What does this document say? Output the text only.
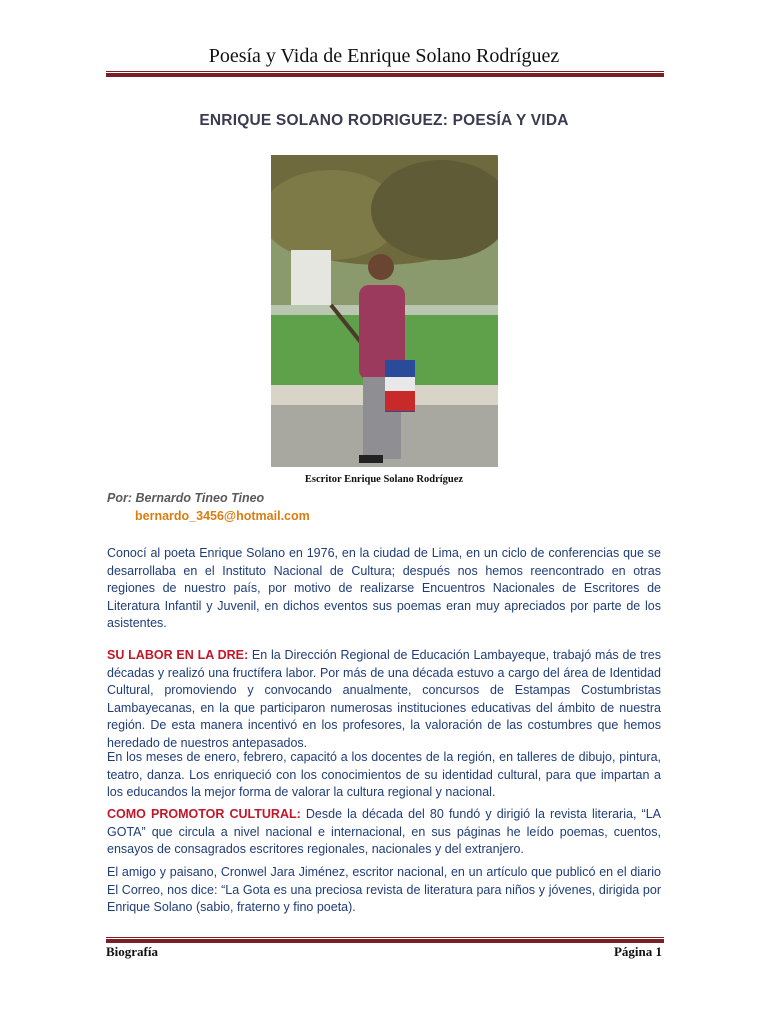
Poesía y Vida de Enrique Solano Rodríguez
ENRIQUE SOLANO RODRIGUEZ: POESÍA Y VIDA
Escritor Enrique Solano Rodríguez
Por: Bernardo Tineo Tineo
bernardo_3456@hotmail.com

Conocí al poeta Enrique Solano en 1976, en la ciudad de Lima, en un ciclo de conferencias que se desarrollaba en el Instituto Nacional de Cultura; después nos hemos reencontrado en otras regiones de nuestro país, por motivo de realizarse Encuentros Nacionales de Escritores de Literatura Infantil y Juvenil, en dichos eventos sus poemas eran muy apreciados por parte de los asistentes.

SU LABOR EN LA DRE: En la Dirección Regional de Educación Lambayeque, trabajó más de tres décadas y realizó una fructífera labor. Por más de una década estuvo a cargo del área de Identidad Cultural, promoviendo y convocando anualmente, concursos de Estampas Costumbristas Lambayecanas, en la que participaron numerosas instituciones educativas del ámbito de nuestra región. De esta manera incentivó en los profesores, la valoración de las costumbres que hemos heredado de nuestros antepasados.

En los meses de enero, febrero, capacitó a los docentes de la región, en talleres de dibujo, pintura, teatro, danza. Los enriqueció con los conocimientos de su identidad cultural, para que impartan a los educandos la mejor forma de valorar la cultura regional y nacional.

COMO PROMOTOR CULTURAL: Desde la década del 80 fundó y dirigió la revista literaria, “LA GOTA” que circula a nivel nacional e internacional, en sus páginas he leído poemas, cuentos, ensayos de consagrados escritores regionales, nacionales y del extranjero.

El amigo y paisano, Cronwel Jara Jiménez, escritor nacional, en un artículo que publicó en el diario El Correo, nos dice: “La Gota es una preciosa revista de literatura para niños y jóvenes, dirigida por Enrique Solano (sabio, fraterno y fino poeta).

Biografía	Página 1
